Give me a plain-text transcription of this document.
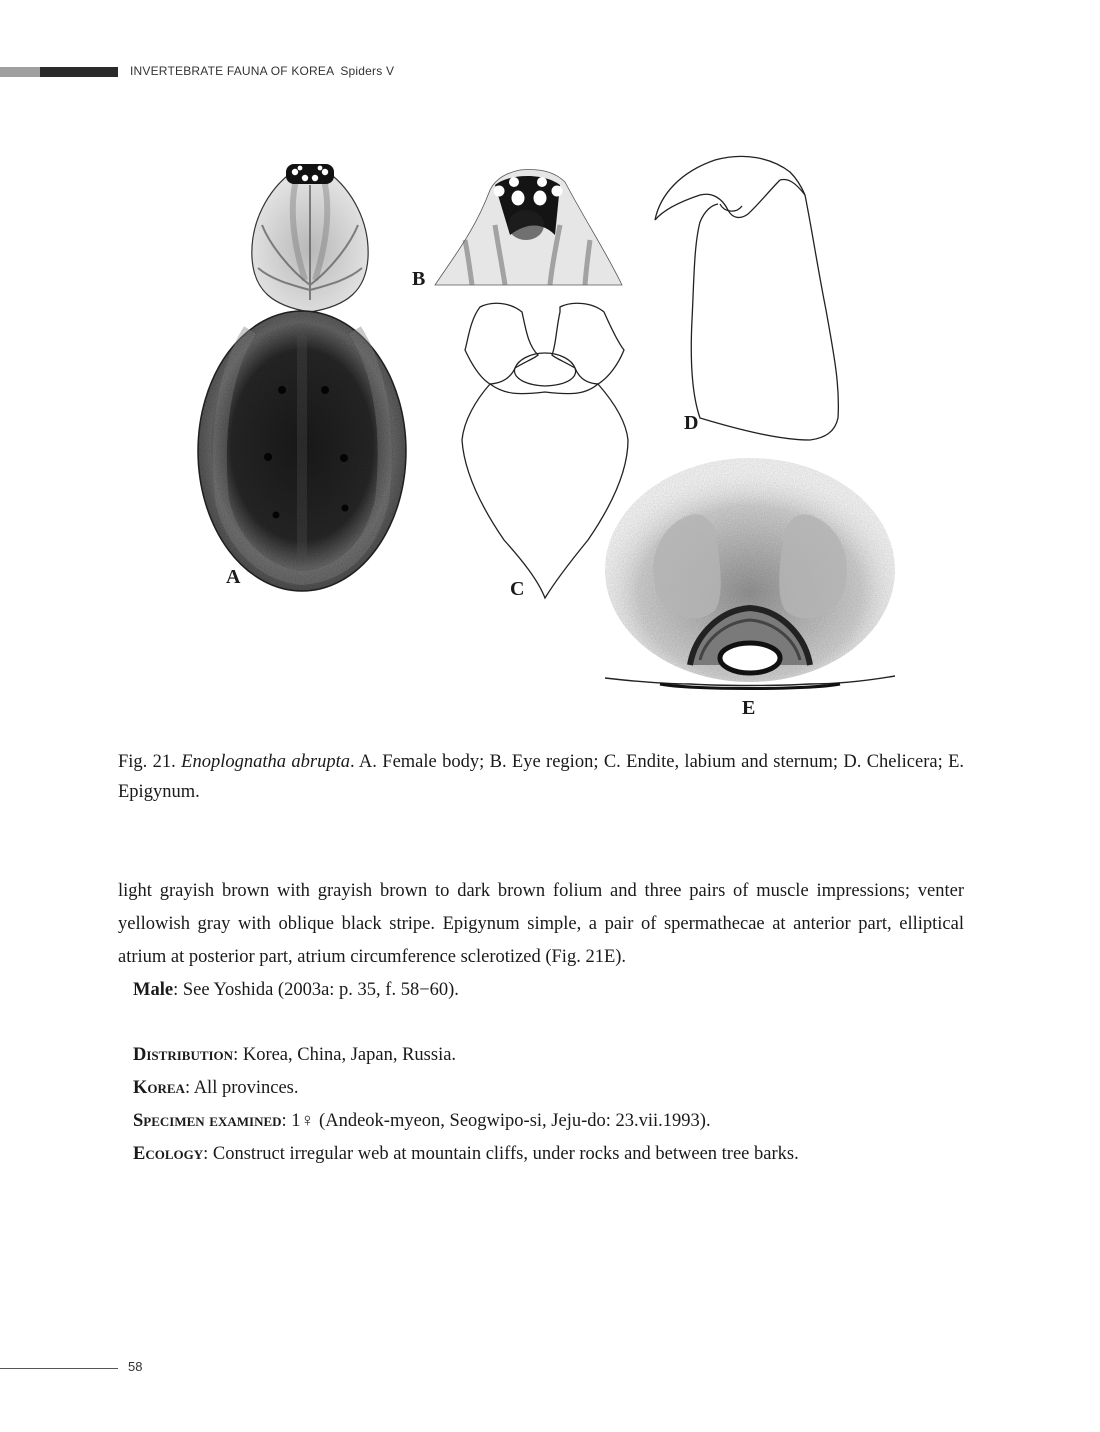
INVERTEBRATE FAUNA OF KOREA Spiders V
A
B
C
D
E
Fig. 21. Enoplognatha abrupta. A. Female body; B. Eye region; C. Endite, labium and sternum; D. Chelicera; E. Epigynum.

light grayish brown with grayish brown to dark brown folium and three pairs of muscle impressions; venter yellowish gray with oblique black stripe. Epigynum simple, a pair of spermathecae at anterior part, elliptical atrium at posterior part, atrium circumference sclerotized (Fig. 21E).

Male: See Yoshida (2003a: p. 35, f. 58−60).

Distribution: Korea, China, Japan, Russia.

Korea: All provinces.

Specimen examined: 1♀ (Andeok-myeon, Seogwipo-si, Jeju-do: 23.vii.1993).

Ecology: Construct irregular web at mountain cliffs, under rocks and between tree barks.

58
